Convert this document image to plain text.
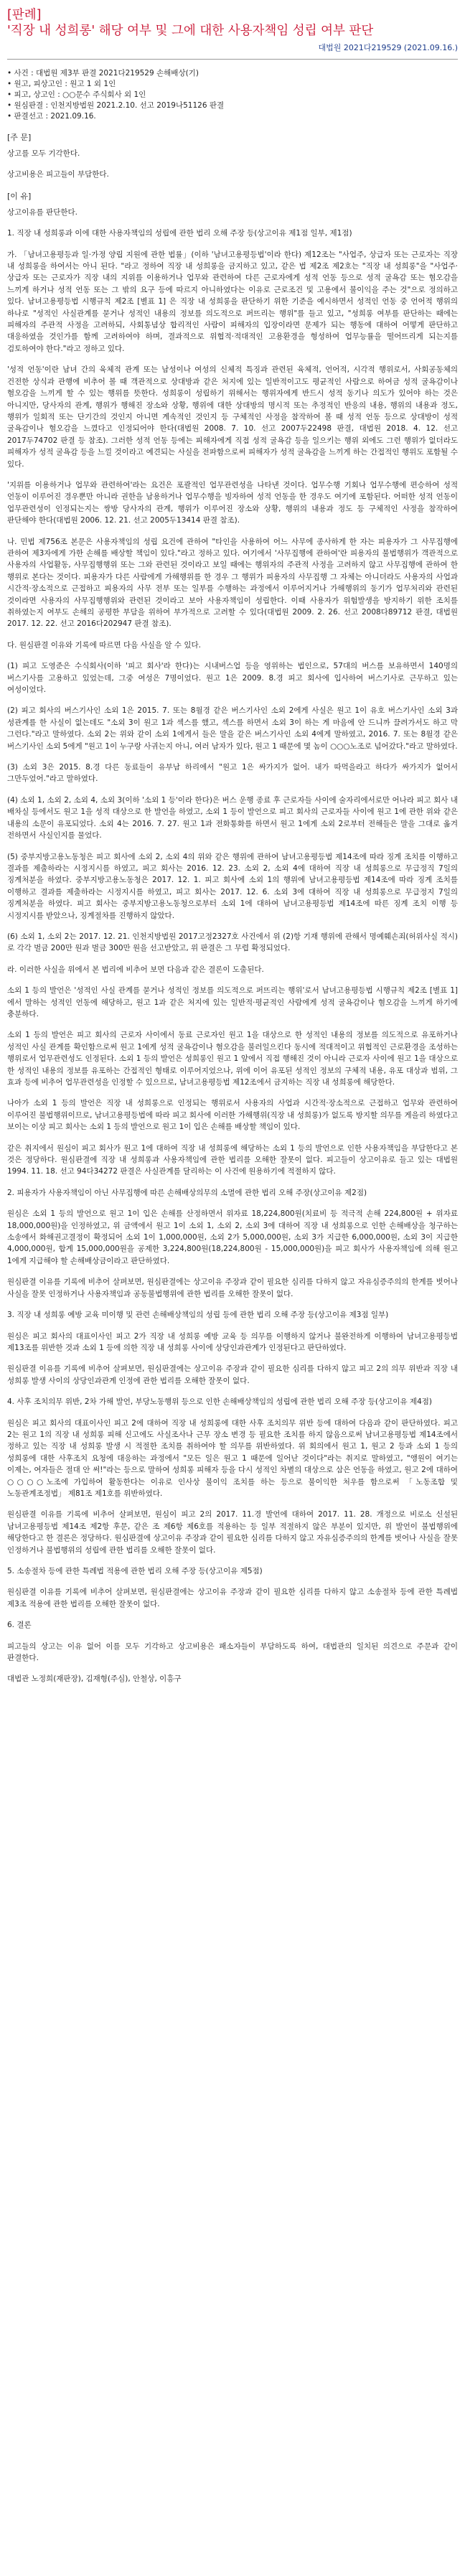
[판례]
'직장 내 성희롱' 해당 여부 및 그에 대한 사용자책임 성립 여부 판단
대법원 2021다219529 (2021.09.16.)

• 사건 : 대법원 제3부 판결 2021다219529 손해배상(기)

• 원고, 피상고인 : 원고 1 외 1인

• 피고, 상고인 : ○○문수 주식회사 외 1인

• 원심판결 : 인천지방법원 2021.2.10. 선고 2019나51126 판결

• 판결선고 : 2021.09.16.

[주 문]

상고를 모두 기각한다.

상고비용은 피고들이 부담한다.

[이 유]

상고이유를 판단한다.

1. 직장 내 성희롱과 이에 대한 사용자책임의 성립에 관한 법리 오해 주장 등(상고이유 제1점 일부, 제1점)

가. 「남녀고용평등과 일·가정 양립 지원에 관한 법률」(이하 '남녀고용평등법'이라 한다) 제12조는 "사업주, 상급자 또는 근로자는 직장 내 성희롱을 하여서는 아니 된다. "라고 정하여 직장 내 성희롱을 금지하고 있고, 같은 법 제2조 제2호는 "직장 내 성희롱"을 "사업주·상급자 또는 근로자가 직장 내의 지위를 이용하거나 업무와 관련하여 다른 근로자에게 성적 언동 등으로 성적 굴욕감 또는 혐오감을 느끼게 하거나 성적 언동 또는 그 밖의 요구 등에 따르지 아니하였다는 이유로 근로조건 및 고용에서 불이익을 주는 것"으로 정의하고 있다. 남녀고용평등법 시행규칙 제2조 [별표 1] 은 직장 내 성희롱을 판단하기 위한 기준을 예시하면서 성적인 언동 중 언어적 행위의 하나로 "성적인 사실관계를 묻거나 성적인 내용의 정보를 의도적으로 퍼뜨리는 행위"를 들고 있고, "성희롱 여부를 판단하는 때에는 피해자의 주관적 사정을 고려하되, 사회통념상 합리적인 사람이 피해자의 입장이라면 문제가 되는 행동에 대하여 어떻게 판단하고 대응하였을 것인가를 함께 고려하여야 하며, 결과적으로 위협적·적대적인 고용환경을 형성하여 업무능률을 떨어뜨리게 되는지를 검토하여야 한다."라고 정하고 있다.

'성적 언동'이란 남녀 간의 육체적 관계 또는 남성이나 여성의 신체적 특징과 관련된 육체적, 언어적, 시각적 행위로서, 사회공동체의 건전한 상식과 관행에 비추어 볼 때 객관적으로 상대방과 같은 처지에 있는 일반적이고도 평균적인 사람으로 하여금 성적 굴욕감이나 혐오감을 느끼게 할 수 있는 행위를 뜻한다. 성희롱이 성립하기 위해서는 행위자에게 반드시 성적 동기나 의도가 있어야 하는 것은 아니지만, 당사자의 관계, 행위가 행해진 장소와 상황, 행위에 대한 상대방의 명시적 또는 추정적인 반응의 내용, 행위의 내용과 정도, 행위가 일회적 또는 단기간의 것인지 아니면 계속적인 것인지 등 구체적인 사정을 참작하여 볼 때 성적 언동 등으로 상대방이 성적 굴욕감이나 혐오감을 느꼈다고 인정되어야 한다(대법원 2008. 7. 10. 선고 2007두22498 판결, 대법원 2018. 4. 12. 선고 2017두74702 판결 등 참조). 그러한 성적 언동 등에는 피해자에게 직접 성적 굴욕감 등을 일으키는 행위 외에도 그런 행위가 없더라도 피해자가 성적 굴욕감 등을 느낄 것이라고 예견되는 사실을 전파함으로써 피해자가 성적 굴욕감을 느끼게 하는 간접적인 행위도 포함될 수 있다.

'지위를 이용하거나 업무와 관련하여'라는 요건은 포괄적인 업무관련성을 나타낸 것이다. 업무수행 기회나 업무수행에 편승하여 성적 언동이 이루어진 경우뿐만 아니라 권한을 남용하거나 업무수행을 빙자하여 성적 언동을 한 경우도 여기에 포함된다. 어떠한 성적 언동이 업무관련성이 인정되는지는 쌍방 당사자의 관계, 행위가 이루어진 장소와 상황, 행위의 내용과 정도 등 구체적인 사정을 참작하여 판단해야 한다(대법원 2006. 12. 21. 선고 2005두13414 판결 참조).

나. 민법 제756조 본문은 사용자책임의 성립 요건에 관하여 "타인을 사용하여 어느 사무에 종사하게 한 자는 피용자가 그 사무집행에 관하여 제3자에게 가한 손해를 배상할 책임이 있다."라고 정하고 있다. 여기에서 '사무집행에 관하여'란 피용자의 불법행위가 객관적으로 사용자의 사업활동, 사무집행행위 또는 그와 관련된 것이라고 보일 때에는 행위자의 주관적 사정을 고려하지 않고 사무집행에 관하여 한 행위로 본다는 것이다. 피용자가 다른 사람에게 가해행위를 한 경우 그 행위가 피용자의 사무집행 그 자체는 아니더라도 사용자의 사업과 시간적·장소적으로 근접하고 피용자의 사무 전부 또는 일부를 수행하는 과정에서 이루어지거나 가해행위의 동기가 업무처리와 관련된 것이라면 사용자의 사무집행행위와 관련된 것이라고 보아 사용자책임이 성립한다. 이때 사용자가 위험발생을 방지하기 위한 조치를 취하였는지 여부도 손해의 공평한 부담을 위하여 부가적으로 고려할 수 있다(대법원 2009. 2. 26. 선고 2008다89712 판결, 대법원 2017. 12. 22. 선고 2016다202947 판결 참조).

다. 원심판결 이유와 기록에 따르면 다음 사실을 알 수 있다.

(1) 피고 도영준은 수식회사(이하 '피고 회사'라 한다)는 시내버스업 등을 영위하는 법인으로, 57대의 버스를 보유하면서 140명의 버스기사를 고용하고 있었는데, 그중 여성은 7명이었다. 원고 1은 2009. 8.경 피고 회사에 입사하여 버스기사로 근무하고 있는 여성이었다.

(2) 피고 회사의 버스기사인 소외 1은 2015. 7. 또는 8월경 같은 버스기사인 소외 2에게 사실은 원고 1이 유호 버스기사인 소외 3과 성관계를 한 사실이 없는데도 "소외 3이 원고 1과 섹스를 했고, 섹스를 하면서 소외 3이 하는 게 마음에 안 드니까 끌려가서도 하고 막 그런다."라고 말하였다. 소외 2는 위와 같이 소외 1에게서 들은 말을 같은 버스기사인 소외 4에게 말하였고, 2016. 7. 또는 8월경 같은 버스기사인 소외 5에게 "원고 1이 누구랑 사귀는지 아니, 여러 남자가 있다, 원고 1 때문에 몇 놈이 ○○○노조로 넘어갔다."라고 말하였다.

(3) 소외 3은 2015. 8.경 다른 동료들이 유부남 하리에서 "원고 1은 싸가지가 없어. 내가 따먹을라고 하다가 싸가지가 없어서 그만두었어."라고 말하였다.

(4) 소외 1, 소외 2, 소외 4, 소외 3(이하 '소외 1 등'이라 한다)은 버스 운행 종료 후 근로자들 사이에 술자리에서로만 어나라 피고 회사 내 배차실 등에서도 원고 1을 성적 대상으로 한 발언을 하였고, 소외 1 등이 발언으로 피고 회사의 근로자들 사이에 원고 1에 관한 위와 같은 내용의 소문이 유포되었다. 소외 4는 2016. 7. 27. 원고 1과 전화통화를 하면서 원고 1에게 소외 2로부터 전해들은 말을 그대로 옮겨 전하면서 사실인지를 물었다.

(5) 중부지방고용노동청은 피고 회사에 소외 2, 소외 4의 위와 같은 행위에 관하여 남녀고용평등법 제14조에 따라 징계 조치를 이행하고 결과를 제출하라는 시정지시를 하였고, 피고 회사는 2016. 12. 23. 소외 2, 소외 4에 대하여 직장 내 성희롱으로 무급정직 7일의 징계처분을 하였다. 중부지방고용노동청은 2017. 12. 1. 피고 회사에 소외 1의 행위에 남녀고용평등법 제14조에 따라 징계 조치를 이행하고 결과를 제출하라는 시정지시를 하였고, 피고 회사는 2017. 12. 6. 소외 3에 대하여 직장 내 성희롱으로 무급정지 7일의 징계처분을 하였다. 피고 회사는 중부지방고용노동청으로부터 소외 1에 대하여 남녀고용평등법 제14조에 따른 징계 조치 이행 등 시정지시를 받았으나, 징계절차를 진행하지 않았다.

(6) 소외 1, 소외 2는 2017. 12. 21. 인천지방법원 2017고정2327호 사건에서 위 (2)항 기재 행위에 관해서 명예훼손죄(허위사실 적시)로 각각 벌금 200만 원과 벌금 300만 원을 선고받았고, 위 판결은 그 무렵 확정되었다.

라. 이러한 사실을 위에서 본 법리에 비추어 보면 다음과 같은 결론이 도출된다.

소외 1 등의 발언은 '성적인 사실 관계를 묻거나 성적인 정보를 의도적으로 퍼뜨리는 행위'로서 남녀고용평등법 시행규칙 제2조 [별표 1]에서 말하는 성적인 언동에 해당하고, 원고 1과 같은 처지에 있는 일반적·평균적인 사람에게 성적 굴욕감이나 혐오감을 느끼게 하기에 충분하다.

소외 1 등의 발언은 피고 회사의 근로자 사이에서 동료 근로자인 원고 1을 대상으로 한 성적인 내용의 정보를 의도적으로 유포하거나 성적인 사실 관계를 확인함으로써 원고 1에게 성적 굴욕감이나 혐오감을 불러일으킨다 동시에 적대적이고 위협적인 근로환경을 조성하는 행위로서 업무관련성도 인정된다. 소외 1 등의 발언은 성희롱인 원고 1 앞에서 직접 행해진 것이 아니라 근로자 사이에 원고 1을 대상으로 한 성적인 내용의 정보를 유포하는 간접적인 형태로 이루어지었으나, 위에 이어 유포된 성적인 정보의 구체적 내용, 유포 대상과 범위, 그 효과 등에 비추어 업무관련성을 인정할 수 있으므로, 남녀고용평등법 제12조에서 금지하는 직장 내 성희롱에 해당한다.

나아가 소외 1 등의 발언은 직장 내 성희롱으로 인정되는 행위로서 사용자의 사업과 시간적·장소적으로 근접하고 업무와 관련하여 이루어진 불법행위이므로, 남녀고용평등법에 따라 피고 회사에 이러한 가해행위(직장 내 성희롱)가 없도록 방지할 의무를 게을리 하였다고 보이는 이상 피고 회사는 소외 1 등의 발언으로 원고 1이 입은 손해를 배상할 책임이 있다.

같은 취지에서 원심이 피고 회사가 원고 1에 대하여 직장 내 성희롱에 해당하는 소외 1 등의 발언으로 인한 사용자책임을 부담한다고 본 것은 정당하다. 원심판결에 직장 내 성희롱과 사용자책임에 관한 법리를 오해한 잘못이 없다. 피고들이 상고이유로 들고 있는 대법원 1994. 11. 18. 선고 94다34272 판결은 사실관계를 달리하는 이 사건에 원용하기에 적절하지 않다.

2. 피용자가 사용자책임이 아닌 사무집행에 따른 손해배상의무의 소멸에 관한 법리 오해 주장(상고이유 제2점)

원심은 소외 1 등의 발언으로 원고 1이 입은 손해를 산정하면서 위자료 18,224,800원(치료비 등 적극적 손해 224,800원 + 위자료 18,000,000원)을 인정하였고, 위 금액에서 원고 1이 소외 1, 소외 2, 소외 3에 대하여 직장 내 성희롱으로 인한 손해배상을 청구하는 소송에서 화해권고결정이 확정되어 소외 1이 1,000,000원, 소외 2가 5,000,000원, 소외 3가 지급한 6,000,000원, 소외 3이 지급한 4,000,000원, 합계 15,000,000원을 공제한 3,224,800원(18,224,800원 - 15,000,000원)을 피고 회사가 사용자책임에 의해 원고 1에게 지급해야 할 손해배상금이라고 판단하였다.

원심판결 이유를 기록에 비추어 살펴보면, 원심판결에는 상고이유 주장과 같이 필요한 심리를 다하지 않고 자유심증주의의 한계를 벗어나 사실을 잘못 인정하거나 사용자책임과 공동불법행위에 관한 법리를 오해한 잘못이 없다.

3. 직장 내 성희롱 예방 교육 미이행 및 관련 손해배상책임의 성립 등에 관한 법리 오해 주장 등(상고이유 제3점 일부)

원심은 피고 회사의 대표이사인 피고 2가 직장 내 성희롱 예방 교육 등 의무를 이행하지 않거나 불완전하게 이행하여 남녀고용평등법 제13조를 위반한 것과 소외 1 등에 의한 직장 내 성희롱 사이에 상당인과관계가 인정된다고 판단하였다.

원심판결 이유를 기록에 비추어 살펴보면, 원심판결에는 상고이유 주장과 같이 필요한 심리를 다하지 않고 피고 2의 의무 위반과 직장 내 성희롱 발생 사이의 상당인과관계 인정에 관한 법리를 오해한 잘못이 없다.

4. 사후 조치의무 위반, 2차 가해 발언, 부당노동행위 등으로 인한 손해배상책임의 성립에 관한 법리 오해 주장 등(상고이유 제4점)

원심은 피고 회사의 대표이사인 피고 2에 대하여 직장 내 성희롱에 대한 사후 조치의무 위반 등에 대하여 다음과 같이 판단하였다. 피고 2는 원고 1의 직장 내 성희롱 피해 신고에도 사실조사나 근무 장소 변경 등 필요한 조치를 하지 않음으로써 남녀고용평등법 제14조에서 정하고 있는 직장 내 성희롱 발생 시 적절한 조치를 취하여야 할 의무를 위반하였다. 위 회의에서 원고 1, 원고 2 등과 소외 1 등의 성희롱에 대한 사후조치 요청에 대응하는 과정에서 "모든 일은 원고 1 때문에 일어난 것이다"라는 취지로 말하였고, "앵원이 여기는 이제는, 여자들은 절대 안 써!"라는 등으로 말하여 성희롱 피해자 등을 다시 성적인 차별의 대상으로 삼은 언동을 하였고, 원고 2에 대하여 ○○○○노조에 가입하여 활동한다는 이유로 인사상 불이익 조치를 하는 등으로 불이익한 처우를 함으로써 「노동조합 및 노동관계조정법」 제81조 제1호를 위반하였다.

원심판결 이유를 기록에 비추어 살펴보면, 원심이 피고 2의 2017. 11.경 발언에 대하여 2017. 11. 28. 개정으로 비로소 신설된 남녀고용평등법 제14조 제2항 후문, 같은 조 제6항 제6호를 적용하는 등 일부 적절하지 않은 부분이 있지만, 위 발언이 불법행위에 해당한다고 한 결론은 정당하다. 원심판결에 상고이유 주장과 같이 필요한 심리를 다하지 않고 자유심증주의의 한계를 벗어나 사실을 잘못 인정하거나 불법행위의 성립에 관한 법리를 오해한 잘못이 없다.

5. 소송절차 등에 관한 특례법 적용에 관한 법리 오해 주장 등(상고이유 제5점)

원심판결 이유를 기록에 비추어 살펴보면, 원심판결에는 상고이유 주장과 같이 필요한 심리를 다하지 않고 소송절차 등에 관한 특례법 제3조 적용에 관한 법리를 오해한 잘못이 없다.

6. 결론

피고들의 상고는 이유 없어 이를 모두 기각하고 상고비용은 패소자들이 부담하도록 하여, 대법관의 일치된 의견으로 주문과 같이 판결한다.

대법관 노정희(재판장), 김재형(주심), 안철상, 이흥구
